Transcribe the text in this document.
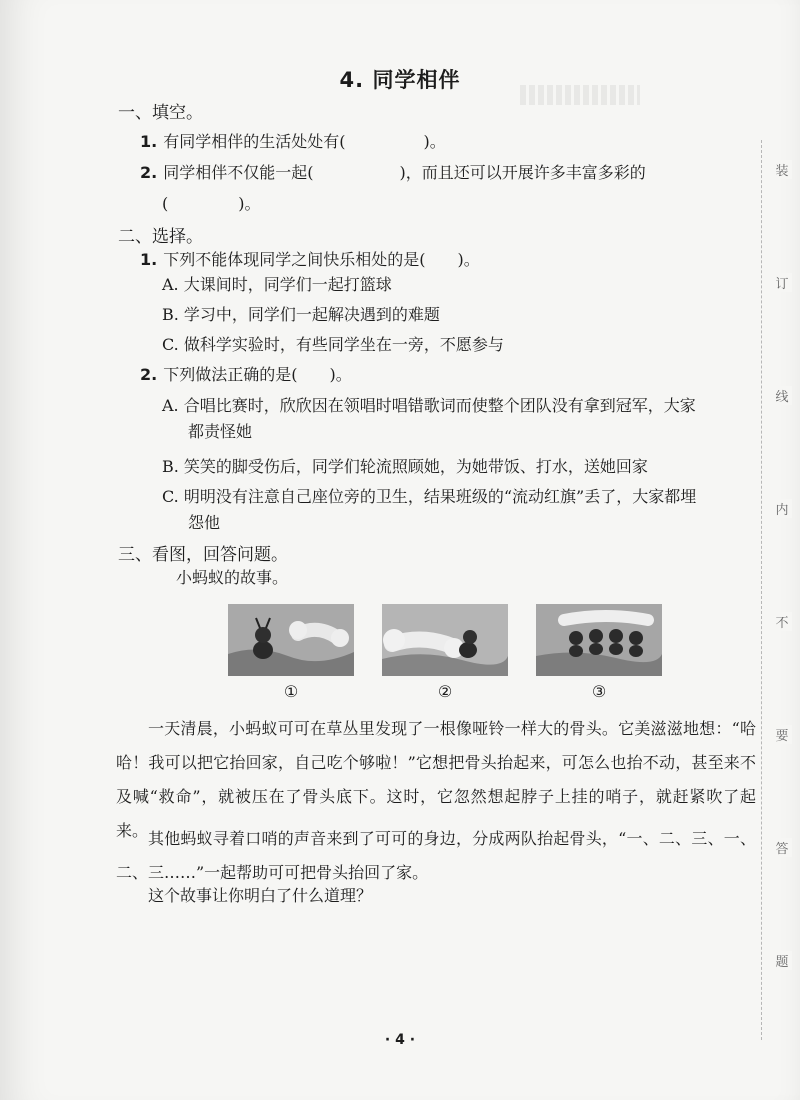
4. 同学相伴
一、填空。
1. 有同学相伴的生活处处有(	)。
2. 同学相伴不仅能一起(	)，而且还可以开展许多丰富多彩的
(	)。
二、选择。
1. 下列不能体现同学之间快乐相处的是(　　)。
A. 大课间时，同学们一起打篮球
B. 学习中，同学们一起解决遇到的难题
C. 做科学实验时，有些同学坐在一旁，不愿参与
2. 下列做法正确的是(　　)。
A. 合唱比赛时，欣欣因在领唱时唱错歌词而使整个团队没有拿到冠军，大家
都责怪她
B. 笑笑的脚受伤后，同学们轮流照顾她，为她带饭、打水，送她回家
C. 明明没有注意自己座位旁的卫生，结果班级的“流动红旗”丢了，大家都埋
怨他
三、看图，回答问题。
小蚂蚁的故事。
①	②	③
一天清晨，小蚂蚁可可在草丛里发现了一根像哑铃一样大的骨头。它美滋滋地想：“哈哈！我可以把它抬回家，自己吃个够啦！”它想把骨头抬起来，可怎么也抬不动，甚至来不及喊“救命”，就被压在了骨头底下。这时，它忽然想起脖子上挂的哨子，就赶紧吹了起来。 其他蚂蚁寻着口哨的声音来到了可可的身边，分成两队抬起骨头，“一、二、三、一、二、三……”一起帮助可可把骨头抬回了家。
这个故事让你明白了什么道理？
· 4 ·
装
订
线
内
不
要
答
题
